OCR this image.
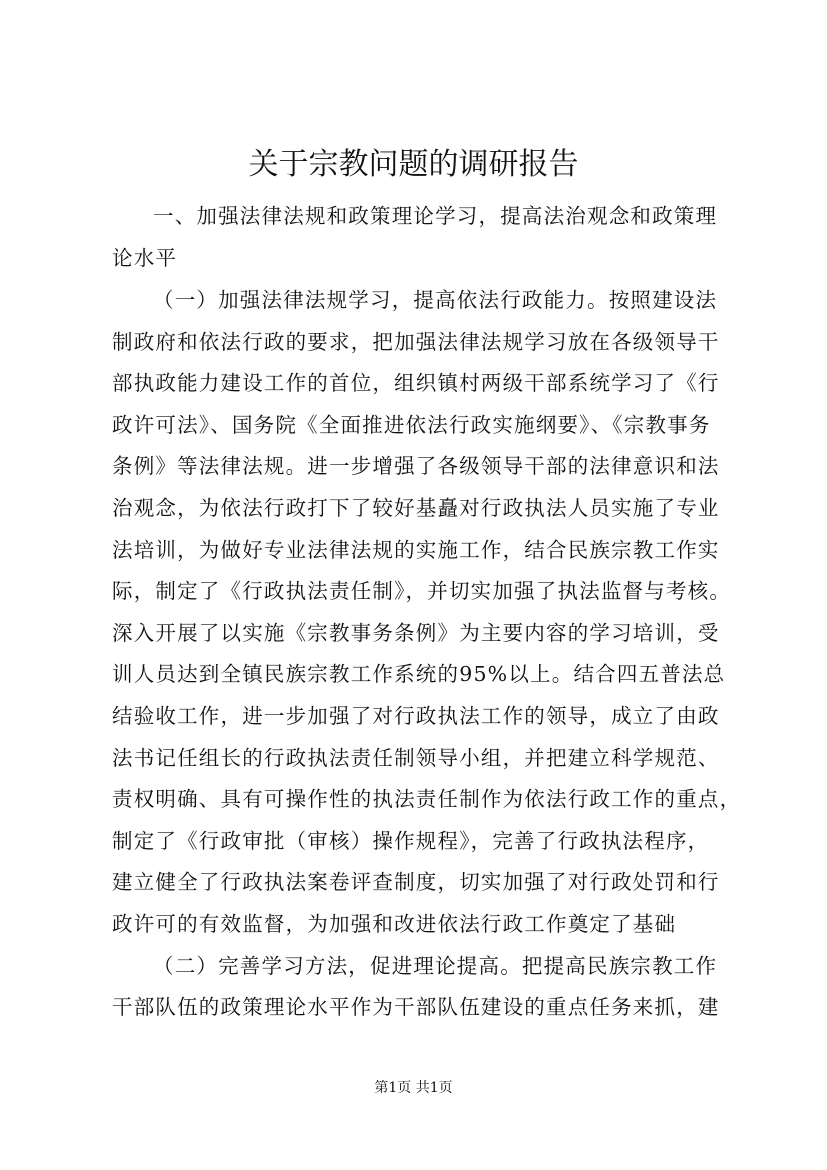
关于宗教问题的调研报告
一、加强法律法规和政策理论学习，提高法治观念和政策理
论水平
（一）加强法律法规学习，提高依法行政能力。按照建设法
制政府和依法行政的要求，把加强法律法规学习放在各级领导干
部执政能力建设工作的首位，组织镇村两级干部系统学习了《行
政许可法》、国务院《全面推进依法行政实施纲要》、《宗教事务
条例》等法律法规。进一步增强了各级领导干部的法律意识和法
治观念，为依法行政打下了较好基矗对行政执法人员实施了专业
法培训，为做好专业法律法规的实施工作，结合民族宗教工作实
际，制定了《行政执法责任制》，并切实加强了执法监督与考核。
深入开展了以实施《宗教事务条例》为主要内容的学习培训，受
训人员达到全镇民族宗教工作系统的95%以上。结合四五普法总
结验收工作，进一步加强了对行政执法工作的领导，成立了由政
法书记任组长的行政执法责任制领导小组，并把建立科学规范、
责权明确、具有可操作性的执法责任制作为依法行政工作的重点，
制定了《行政审批（审核）操作规程》，完善了行政执法程序，
建立健全了行政执法案卷评查制度，切实加强了对行政处罚和行
政许可的有效监督，为加强和改进依法行政工作奠定了基础
（二）完善学习方法，促进理论提高。把提高民族宗教工作
干部队伍的政策理论水平作为干部队伍建设的重点任务来抓，建
第1页 共1页
